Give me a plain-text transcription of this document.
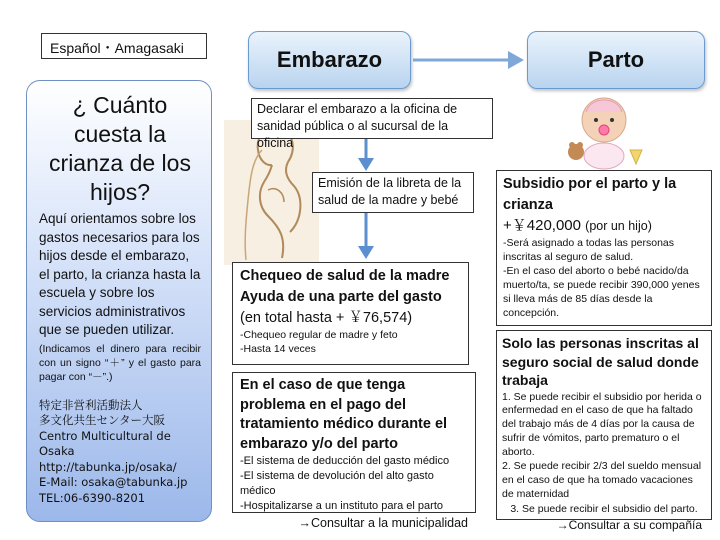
Español・Amagasaki	Embarazo	Parto
¿ Cuánto cuesta la crianza de los hijos?
Aquí orientamos sobre los gastos necesarios para los hijos desde el embarazo, el parto, la crianza hasta la escuela y sobre los servicios administrativos que se pueden utilizar.
(Indicamos el dinero para recibir con un signo “＋” y el gasto para pagar con “－”.)
特定非営利活動法人
多文化共生センター大阪
Centro Multicultural de Osaka
http://tabunka.jp/osaka/
E-Mail: osaka@tabunka.jp
TEL:06-6390-8201
Declarar el embarazo a la oficina de sanidad pública o al sucursal de la oficina
Emisión de la libreta de la salud de la madre y bebé
Chequeo de salud de la madre
Ayuda de una parte del gasto
(en total hasta + ￥76,574)
-Chequeo regular de madre y feto
-Hasta 14 veces
En el caso de que tenga problema en el pago del tratamiento médico durante el embarazo y/o del parto
-El sistema de deducción del gasto médico
-El sistema de devolución del alto gasto médico
-Hospitalizarse a un instituto para el parto
→Consultar a la municipalidad
Subsidio por el parto y la crianza
+￥420,000 (por un hijo)
-Será asignado a todas las personas inscritas al seguro de salud.
-En el caso del aborto o bebé nacido/da muerto/ta, se puede recibir 390,000 yenes si lleva más de 85 días desde la concepción.
Solo las personas inscritas al seguro social de salud donde trabaja
1. Se puede recibir el subsidio por herida o enfermedad en el caso de que ha faltado del trabajo más de 4 días por la causa de sufrir de vómitos, parto prematuro o el aborto.
2. Se puede recibir 2/3 del sueldo mensual en el caso de que ha tomado vacaciones de maternidad
3. Se puede recibir el subsidio del parto.
→Consultar a su compañía
